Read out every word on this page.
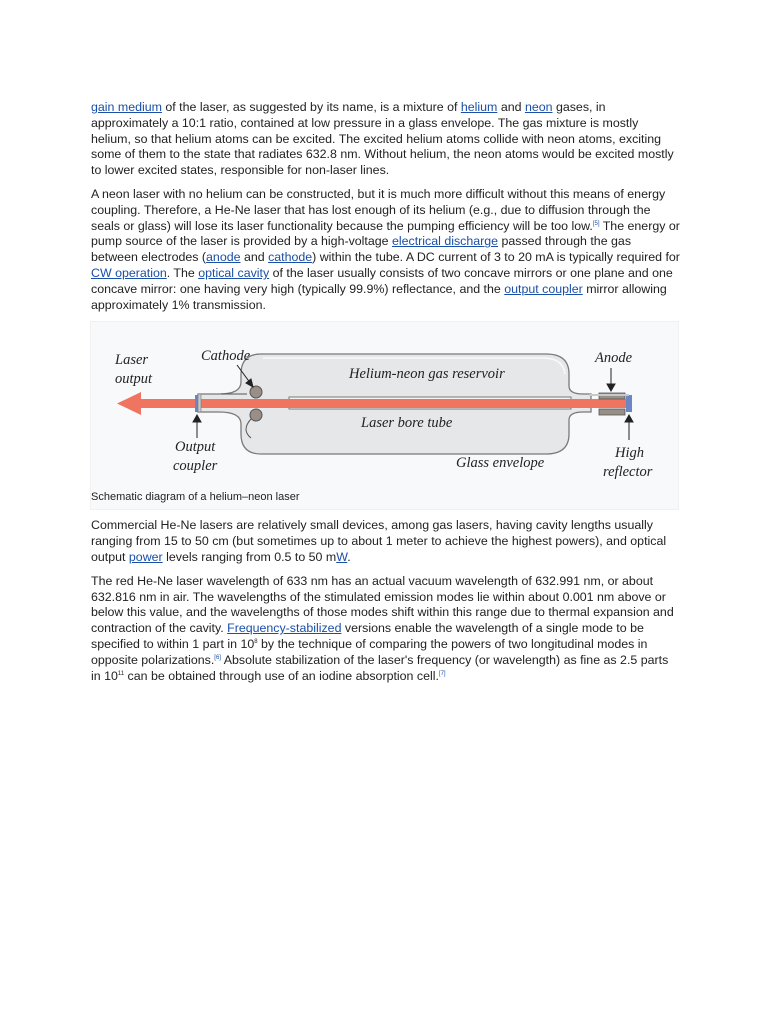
gain medium of the laser, as suggested by its name, is a mixture of helium and neon gases, in approximately a 10:1 ratio, contained at low pressure in a glass envelope. The gas mixture is mostly helium, so that helium atoms can be excited. The excited helium atoms collide with neon atoms, exciting some of them to the state that radiates 632.8 nm. Without helium, the neon atoms would be excited mostly to lower excited states, responsible for non-laser lines.

A neon laser with no helium can be constructed, but it is much more difficult without this means of energy coupling. Therefore, a He-Ne laser that has lost enough of its helium (e.g., due to diffusion through the seals or glass) will lose its laser functionality because the pumping efficiency will be too low.[5] The energy or pump source of the laser is provided by a high-voltage electrical discharge passed through the gas between electrodes (anode and cathode) within the tube. A DC current of 3 to 20 mA is typically required for CW operation. The optical cavity of the laser usually consists of two concave mirrors or one plane and one concave mirror: one having very high (typically 99.9%) reflectance, and the output coupler mirror allowing approximately 1% transmission.

Laser
output
Cathode
Helium-neon gas reservoir
Anode
Laser bore tube
Output
coupler	Glass envelope
High
reflector
Schematic diagram of a helium–neon laser

Commercial He-Ne lasers are relatively small devices, among gas lasers, having cavity lengths usually ranging from 15 to 50 cm (but sometimes up to about 1 meter to achieve the highest powers), and optical output power levels ranging from 0.5 to 50 mW.

The red He-Ne laser wavelength of 633 nm has an actual vacuum wavelength of 632.991 nm, or about 632.816 nm in air. The wavelengths of the stimulated emission modes lie within about 0.001 nm above or below this value, and the wavelengths of those modes shift within this range due to thermal expansion and contraction of the cavity. Frequency-stabilized versions enable the wavelength of a single mode to be specified to within 1 part in $10^8$ by the technique of comparing the powers of two longitudinal modes in opposite polarizations.[6] Absolute stabilization of the laser's frequency (or wavelength) as fine as 2.5 parts in $10^{11}$ can be obtained through use of an iodine absorption cell.[7]
